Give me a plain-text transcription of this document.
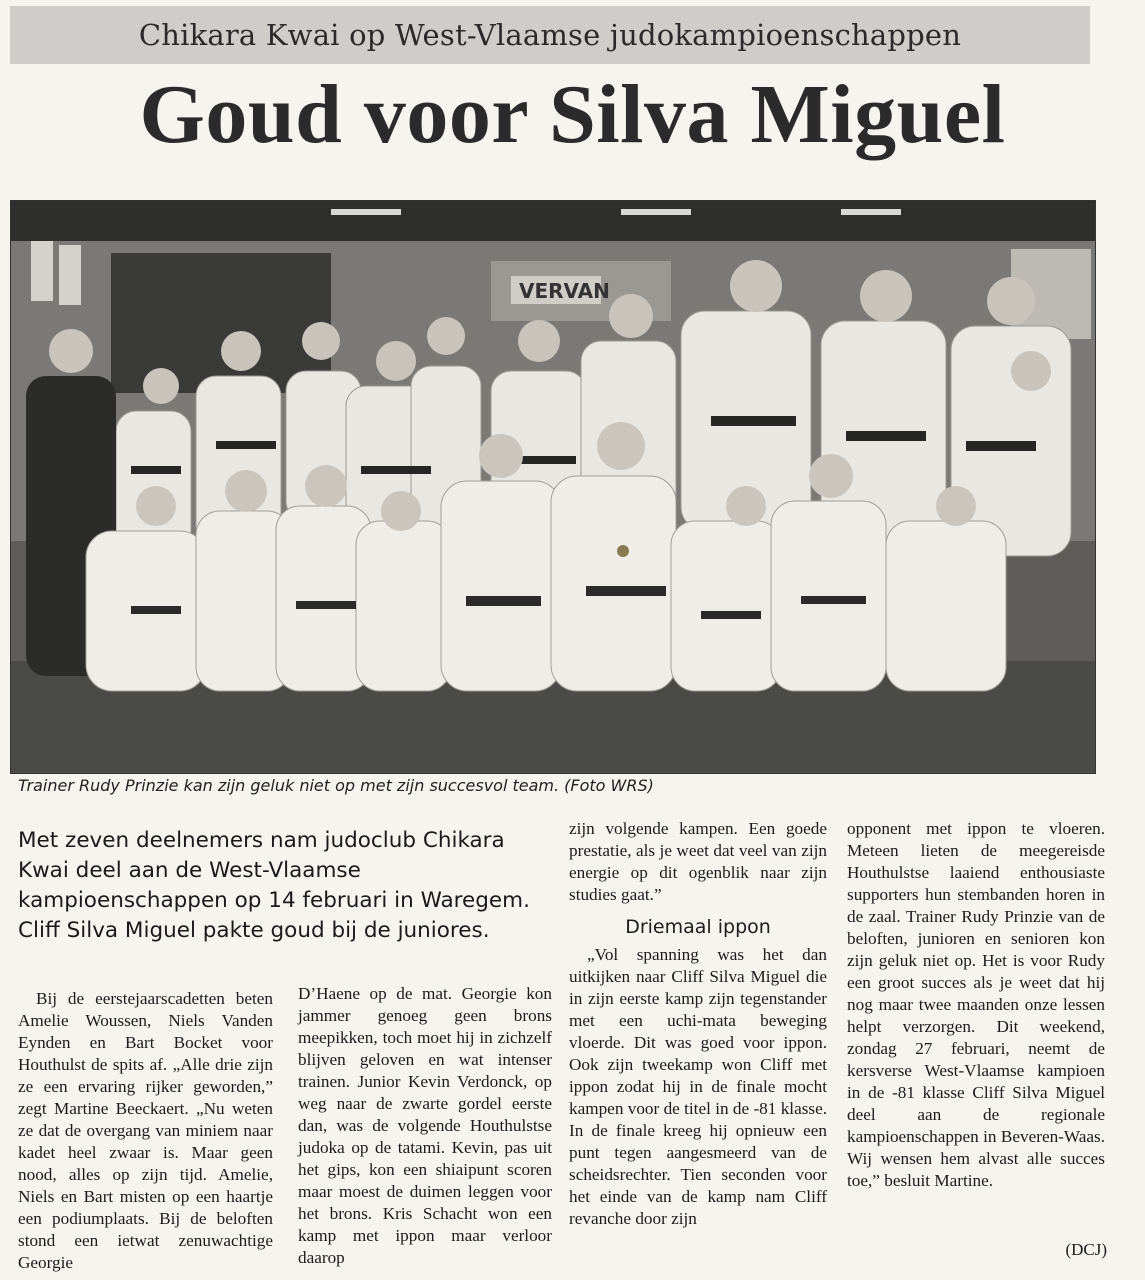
Chikara Kwai op West-Vlaamse judokampioenschappen
Goud voor Silva Miguel
VERVAN
Trainer Rudy Prinzie kan zijn geluk niet op met zijn succesvol team. (Foto WRS)
Met zeven deelnemers nam judoclub Chikara Kwai deel aan de West-Vlaamse kampioenschappen op 14 februari in Waregem. Cliff Silva Miguel pakte goud bij de juniores.

Bij de eerstejaarscadetten beten Amelie Woussen, Niels Vanden Eynden en Bart Bocket voor Houthulst de spits af. „Alle drie zijn ze een ervaring rijker geworden,” zegt Martine Beeckaert. „Nu weten ze dat de overgang van miniem naar kadet heel zwaar is. Maar geen nood, alles op zijn tijd. Amelie, Niels en Bart misten op een haartje een podiumplaats. Bij de beloften stond een ietwat zenuwachtige Georgie

D’Haene op de mat. Georgie kon jammer genoeg geen brons meepikken, toch moet hij in zichzelf blijven geloven en wat intenser trainen. Junior Kevin Verdonck, op weg naar de zwarte gordel eerste dan, was de volgende Houthulstse judoka op de tatami. Kevin, pas uit het gips, kon een shiaipunt scoren maar moest de duimen leggen voor het brons. Kris Schacht won een kamp met ippon maar verloor daarop

zijn volgende kampen. Een goede prestatie, als je weet dat veel van zijn energie op dit ogenblik naar zijn studies gaat.”

Driemaal ippon

„Vol spanning was het dan uitkijken naar Cliff Silva Miguel die in zijn eerste kamp zijn tegenstander met een uchi-mata beweging vloerde. Dit was goed voor ippon. Ook zijn tweekamp won Cliff met ippon zodat hij in de finale mocht kampen voor de titel in de -81 klasse. In de finale kreeg hij opnieuw een punt tegen aangesmeerd van de scheidsrechter. Tien seconden voor het einde van de kamp nam Cliff revanche door zijn

opponent met ippon te vloeren. Meteen lieten de meegereisde Houthulstse laaiend enthousiaste supporters hun stembanden horen in de zaal. Trainer Rudy Prinzie van de beloften, junioren en senioren kon zijn geluk niet op. Het is voor Rudy een groot succes als je weet dat hij nog maar twee maanden onze lessen helpt verzorgen. Dit weekend, zondag 27 februari, neemt de kersverse West-Vlaamse kampioen in de -81 klasse Cliff Silva Miguel deel aan de regionale kampioenschappen in Beveren-Waas. Wij wensen hem alvast alle succes toe,” besluit Martine.

(DCJ)
